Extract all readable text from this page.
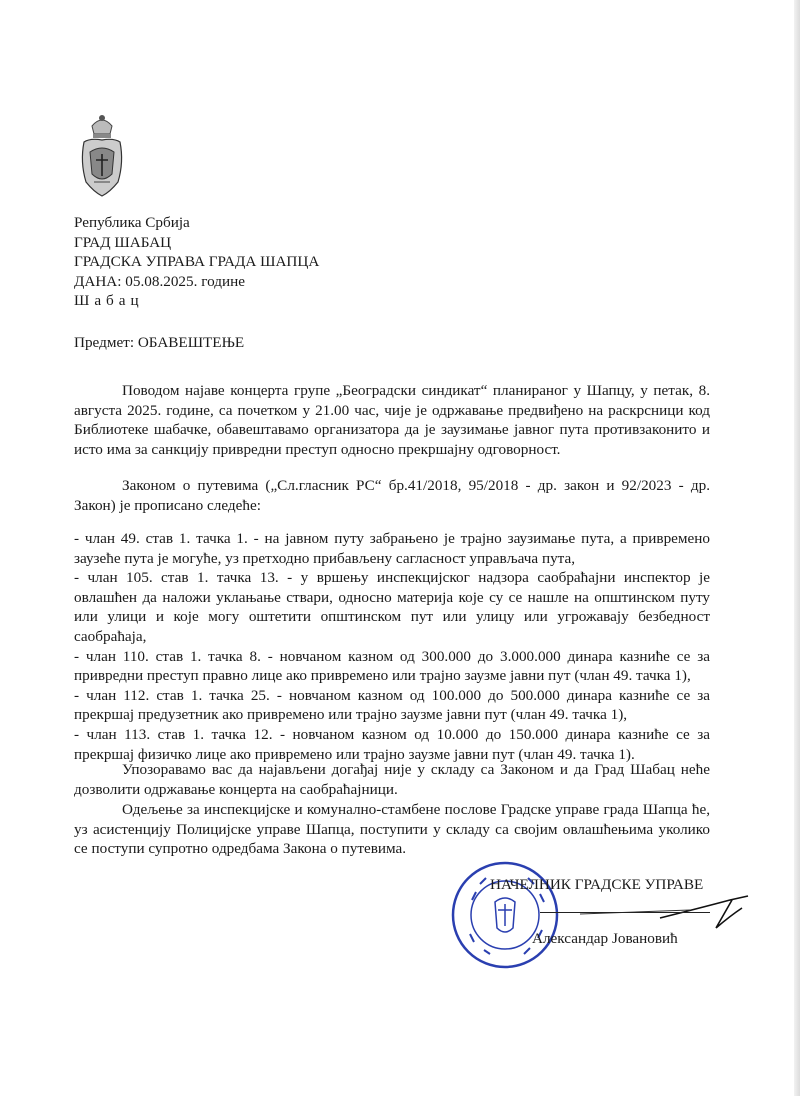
Република Србија
ГРАД ШАБАЦ
ГРАДСКА УПРАВА ГРАДА ШАПЦА
ДАНА: 05.08.2025. године
Шабац
Предмет: ОБАВЕШТЕЊЕ

Поводом најаве концерта групе „Београдски синдикат“ планираног у Шапцу, у петак, 8. августа 2025. године, са почетком у 21.00 час, чије је одржавање предвиђено на раскрсници код Библиотеке шабачке, обавештавамо организатора да је заузимање јавног пута противзаконито и исто има за санкцију привредни преступ односно прекршајну одговорност.

Законом о путевима („Сл.гласник РС“ бр.41/2018, 95/2018 - др. закон и 92/2023 - др. Закон) је прописано следеће:

- члан 49. став 1. тачка 1. - на јавном путу забрањено је трајно заузимање пута, а привремено заузеће пута је могуће, уз претходно прибављену сагласност управљача пута,

- члан 105. став 1. тачка 13. - у вршењу инспекцијског надзора саобраћајни инспектор је овлашћен да наложи уклањање ствари, односно материја које су се нашле на општинском путу или улици и које могу оштетити општинском пут или улицу или угрожавају безбедност саобраћаја,

- члан 110. став 1. тачка 8. - новчаном казном од 300.000 до 3.000.000 динара казниће се за привредни преступ правно лице ако привремено или трајно заузме јавни пут (члан 49. тачка 1),

- члан 112. став 1. тачка 25. - новчаном казном од 100.000 до 500.000 динара казниће се за прекршај предузетник ако привремено или трајно заузме јавни пут (члан 49. тачка 1),

- члан 113. став 1. тачка 12. - новчаном казном од 10.000 до 150.000 динара казниће се за прекршај физичко лице ако привремено или трајно заузме јавни пут (члан 49. тачка 1).

Упозоравамо вас да најављени догађај није у складу са Законом и да Град Шабац неће дозволити одржавање концерта на саобраћајници.

Одељење за инспекцијске и комунално-стамбене послове Градске управе града Шапца ће, уз асистенцију Полицијске управе Шапца, поступити у складу са својим овлашћењима уколико се поступи супротно одредбама Закона о путевима.

НАЧЕЛНИК ГРАДСКЕ УПРАВЕ
Александар Јовановић
